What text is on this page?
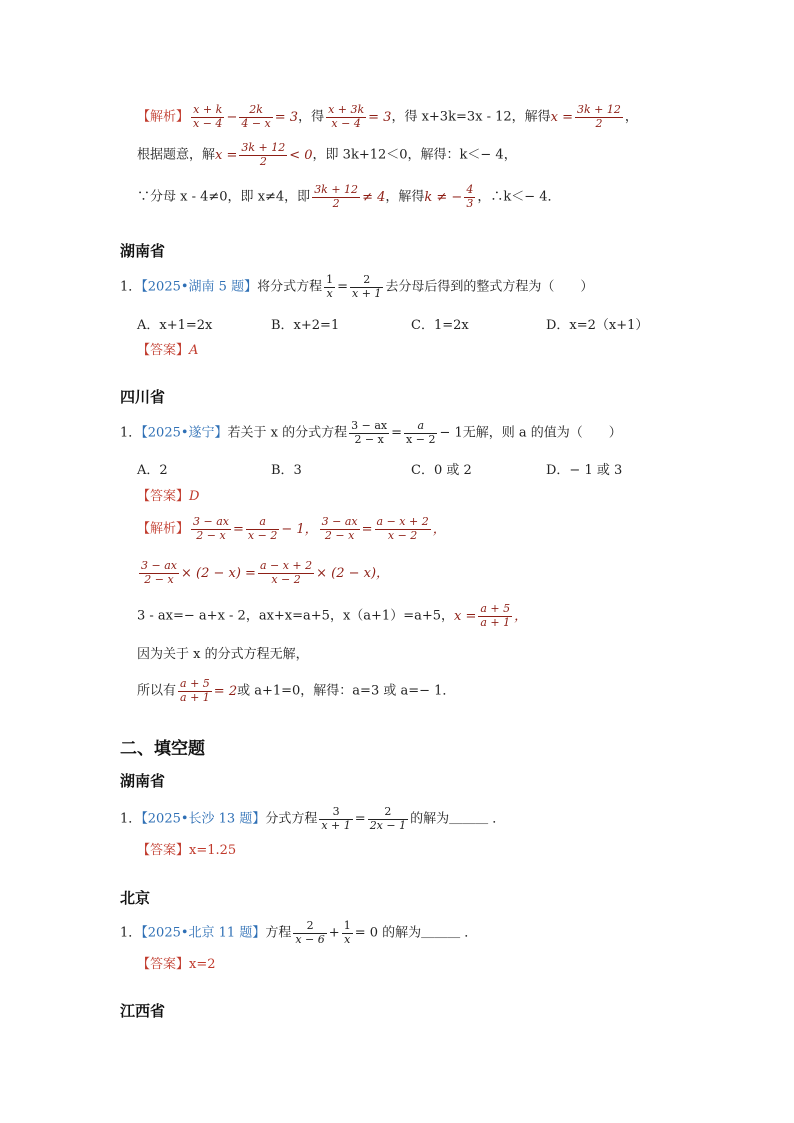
【解析】 $\frac{x + k}{x - 4} - \frac{2k}{4 - x} = 3$，得 $\frac{x + 3k}{x - 4} = 3$，得 x+3k=3x - 12，解得$x = \frac{3k + 12}{2}$ ，
根据题意，解$x = \frac{3k + 12}{2} < 0$，即 3k+12＜0，解得：k＜− 4，
∵分母 x - 4≠0，即 x≠4，即 $\frac{3k + 12}{2} \ne 4$，解得k ≠ − $\frac{4}{3}$ ，∴k＜− 4．
湖南省
1．【2025•湖南 5 题】将分式方程 $\frac{1}{x} = \frac{2}{x + 1}$ 去分母后得到的整式方程为（　　）
A．x+1=2x	B．x+2=1	C．1=2x	D．x=2（x+1）
【答案】A
四川省
1．【2025•遂宁】若关于 x 的分式方程 $\frac{3 - ax}{2 - x} = \frac{a}{x - 2} - 1$无解，则 a 的值为（　　）
A．2	B．3	C．0 或 2	D．− 1 或 3
【答案】D
【解析】 $\frac{3 - ax}{2 - x} = \frac{a}{x - 2} - 1$， $\frac{3 - ax}{2 - x} = \frac{a - x + 2}{x - 2}$ ，
$\frac{3 - ax}{2 - x} \times (2 - x) = \frac{a - x + 2}{x - 2} \times (2 - x)$，
3 - ax=− a+x - 2，ax+x=a+5，x（a+1）=a+5，$x = \frac{a + 5}{a + 1}$ ，
因为关于 x 的分式方程无解，
所以有 $\frac{a + 5}{a + 1} = 2$或 a+1=0，解得：a=3 或 a=− 1．
二、填空题
湖南省
1．【2025•长沙 13 题】分式方程 $\frac{3}{x + 1} = \frac{2}{2x - 1}$ 的解为＿＿＿ ．
【答案】x=1.25
北京
1．【2025•北京 11 题】方程 $\frac{2}{x - 6} + \frac{1}{x} = 0$ 的解为＿＿＿ ．
【答案】x=2
江西省
